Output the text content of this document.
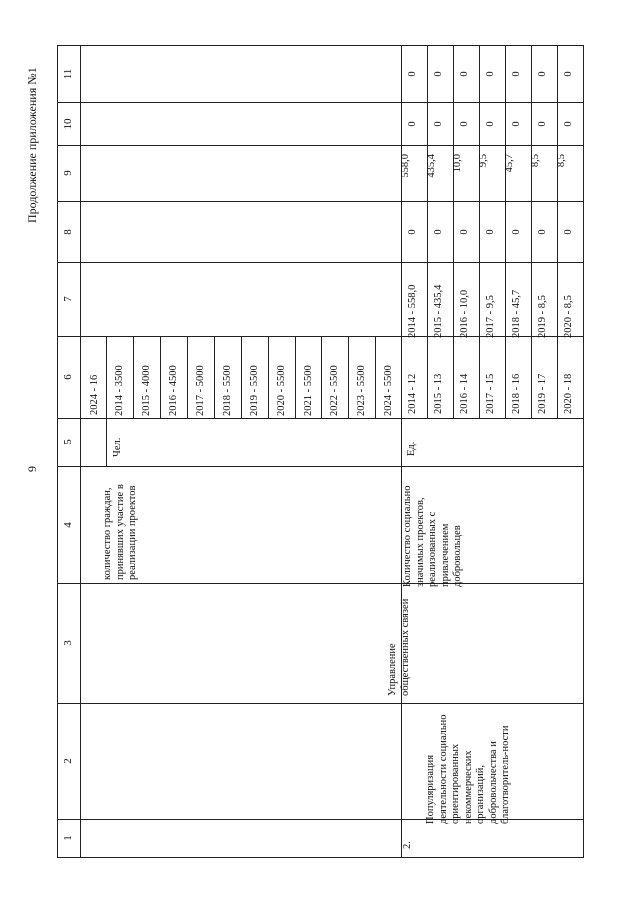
9
Продолжение приложения №1
1
2
3
4
5
6
7
8
9
10
11
2024 - 16
количество граждан, принявших участие в реализации проектов
Чел.
2014 - 3500 2015 - 4000 2016 - 4500 2017 - 5000 2018 - 5500 2019 - 5500 2020 - 5500 2021 - 5500 2022 - 5500 2023 - 5500 2024 - 5500
2.
Популяризация деятельности социально ориентированных некоммерческих организаций, добровольчества и благотворитель-ности
Управление общественных связей
Количество социально значимых проектов, реализованных с привлечением добровольцев
Ед.
2014 - 12 2015 - 13 2016 - 14 2017 - 15 2018 - 16 2019 - 17 2020 - 18
2014 - 558,0 2015 - 435,4 2016 - 10,0 2017 - 9,5 2018 - 45,7 2019 - 8,5 2020 - 8,5
0 0 0 0 0 0 0
558,0 435,4 10,0 9,5 45,7 8,5 8,5
0 0 0 0 0 0 0
0 0 0 0 0 0 0
